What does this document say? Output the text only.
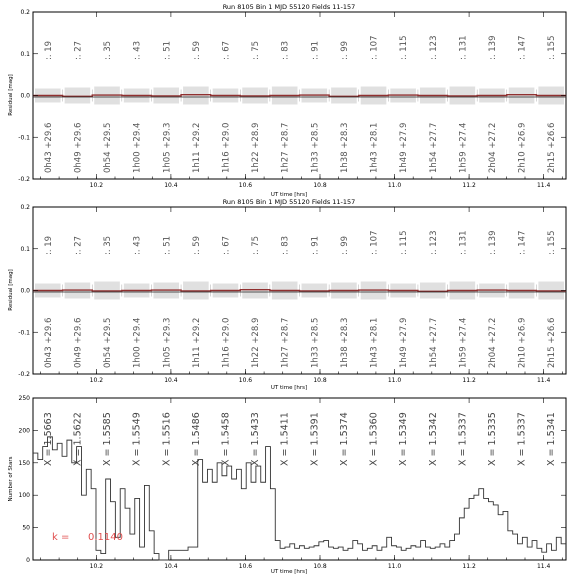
Run 8105 Bin 1 MJD 55120 Fields 11-157
Residual [mag]
UT time [hrs]
:. 19 :. 27 :. 35 :. 43 :. 51 :. 59 :. 67 :. 75 :. 83 :. 91 :. 99 :. 107 :. 115 :. 123 :. 131 :. 139 :. 147 :. 155
0h43 +29.6 0h49 +29.6 0h54 +29.5 1h00 +29.4 1h05 +29.3 1h11 +29.2 1h16 +29.0 1h22 +28.9 1h27 +28.7 1h33 +28.5 1h38 +28.3 1h43 +28.1 1h49 +27.9 1h54 +27.7 1h59 +27.4 2h04 +27.2 2h10 +26.9 2h15 +26.6
10.2	10.4	10.6	10.8	11.0	11.2	11.4
-0.2
-0.1
0.0
0.1
0.2
Run 8105 Bin 1 MJD 55120 Fields 11-157
Residual [mag]
UT time [hrs]
:. 19 :. 27 :. 35 :. 43 :. 51 :. 59 :. 67 :. 75 :. 83 :. 91 :. 99 :. 107 :. 115 :. 123 :. 131 :. 139 :. 147 :. 155
0h43 +29.6 0h49 +29.6 0h54 +29.5 1h00 +29.4 1h05 +29.3 1h11 +29.2 1h16 +29.0 1h22 +28.9 1h27 +28.7 1h33 +28.5 1h38 +28.3 1h43 +28.1 1h49 +27.9 1h54 +27.7 1h59 +27.4 2h04 +27.2 2h10 +26.9 2h15 +26.6
10.2	10.4	10.6	10.8	11.0	11.2	11.4
-0.2
-0.1
0.0
0.1
0.2
Number of Stars
UT time [hrs]
X = 1.5663 X = 1.5622 X = 1.5585 X = 1.5549 X = 1.5516 X = 1.5486 X = 1.5458 X = 1.5433 X = 1.5411 X = 1.5391 X = 1.5374 X = 1.5360 X = 1.5349 X = 1.5342 X = 1.5337 X = 1.5335 X = 1.5337 X = 1.5341
k = 0.1140
10.2	10.4	10.6	10.8	11.0	11.2	11.4
0
50
100
150
200
250
